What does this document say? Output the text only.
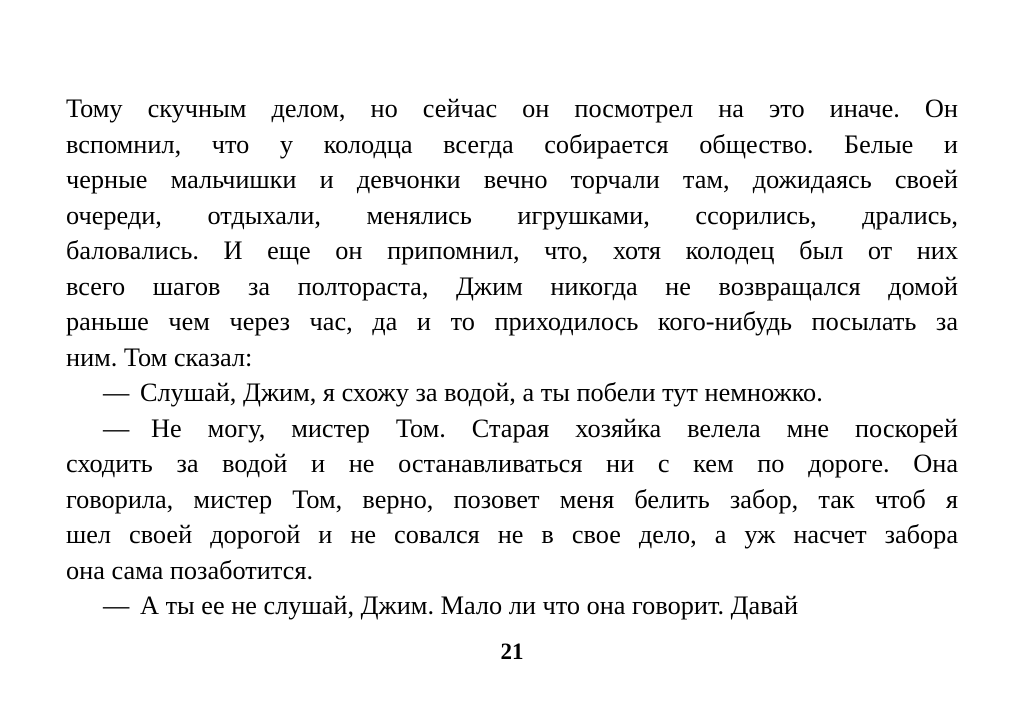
Тому скучным делом, но сейчас он посмотрел на это иначе. Он
вспомнил, что у колодца всегда собирается общество. Белые и
черные мальчишки и девчонки вечно торчали там, дожидаясь своей
очереди, отдыхали, менялись игрушками, ссорились, дрались,
баловались. И еще он припомнил, что, хотя колодец был от них
всего шагов за полтораста, Джим никогда не возвращался домой
раньше чем через час, да и то приходилось кого-нибудь посылать за
ним. Том сказал:
— Слушай, Джим, я схожу за водой, а ты побели тут немножко.
— Не могу, мистер Том. Старая хозяйка велела мне поскорей
сходить за водой и не останавливаться ни с кем по дороге. Она
говорила, мистер Том, верно, позовет меня белить забор, так чтоб я
шел своей дорогой и не совался не в свое дело, а уж насчет забора
она сама позаботится.
— А ты ее не слушай, Джим. Мало ли что она говорит. Давай
21
